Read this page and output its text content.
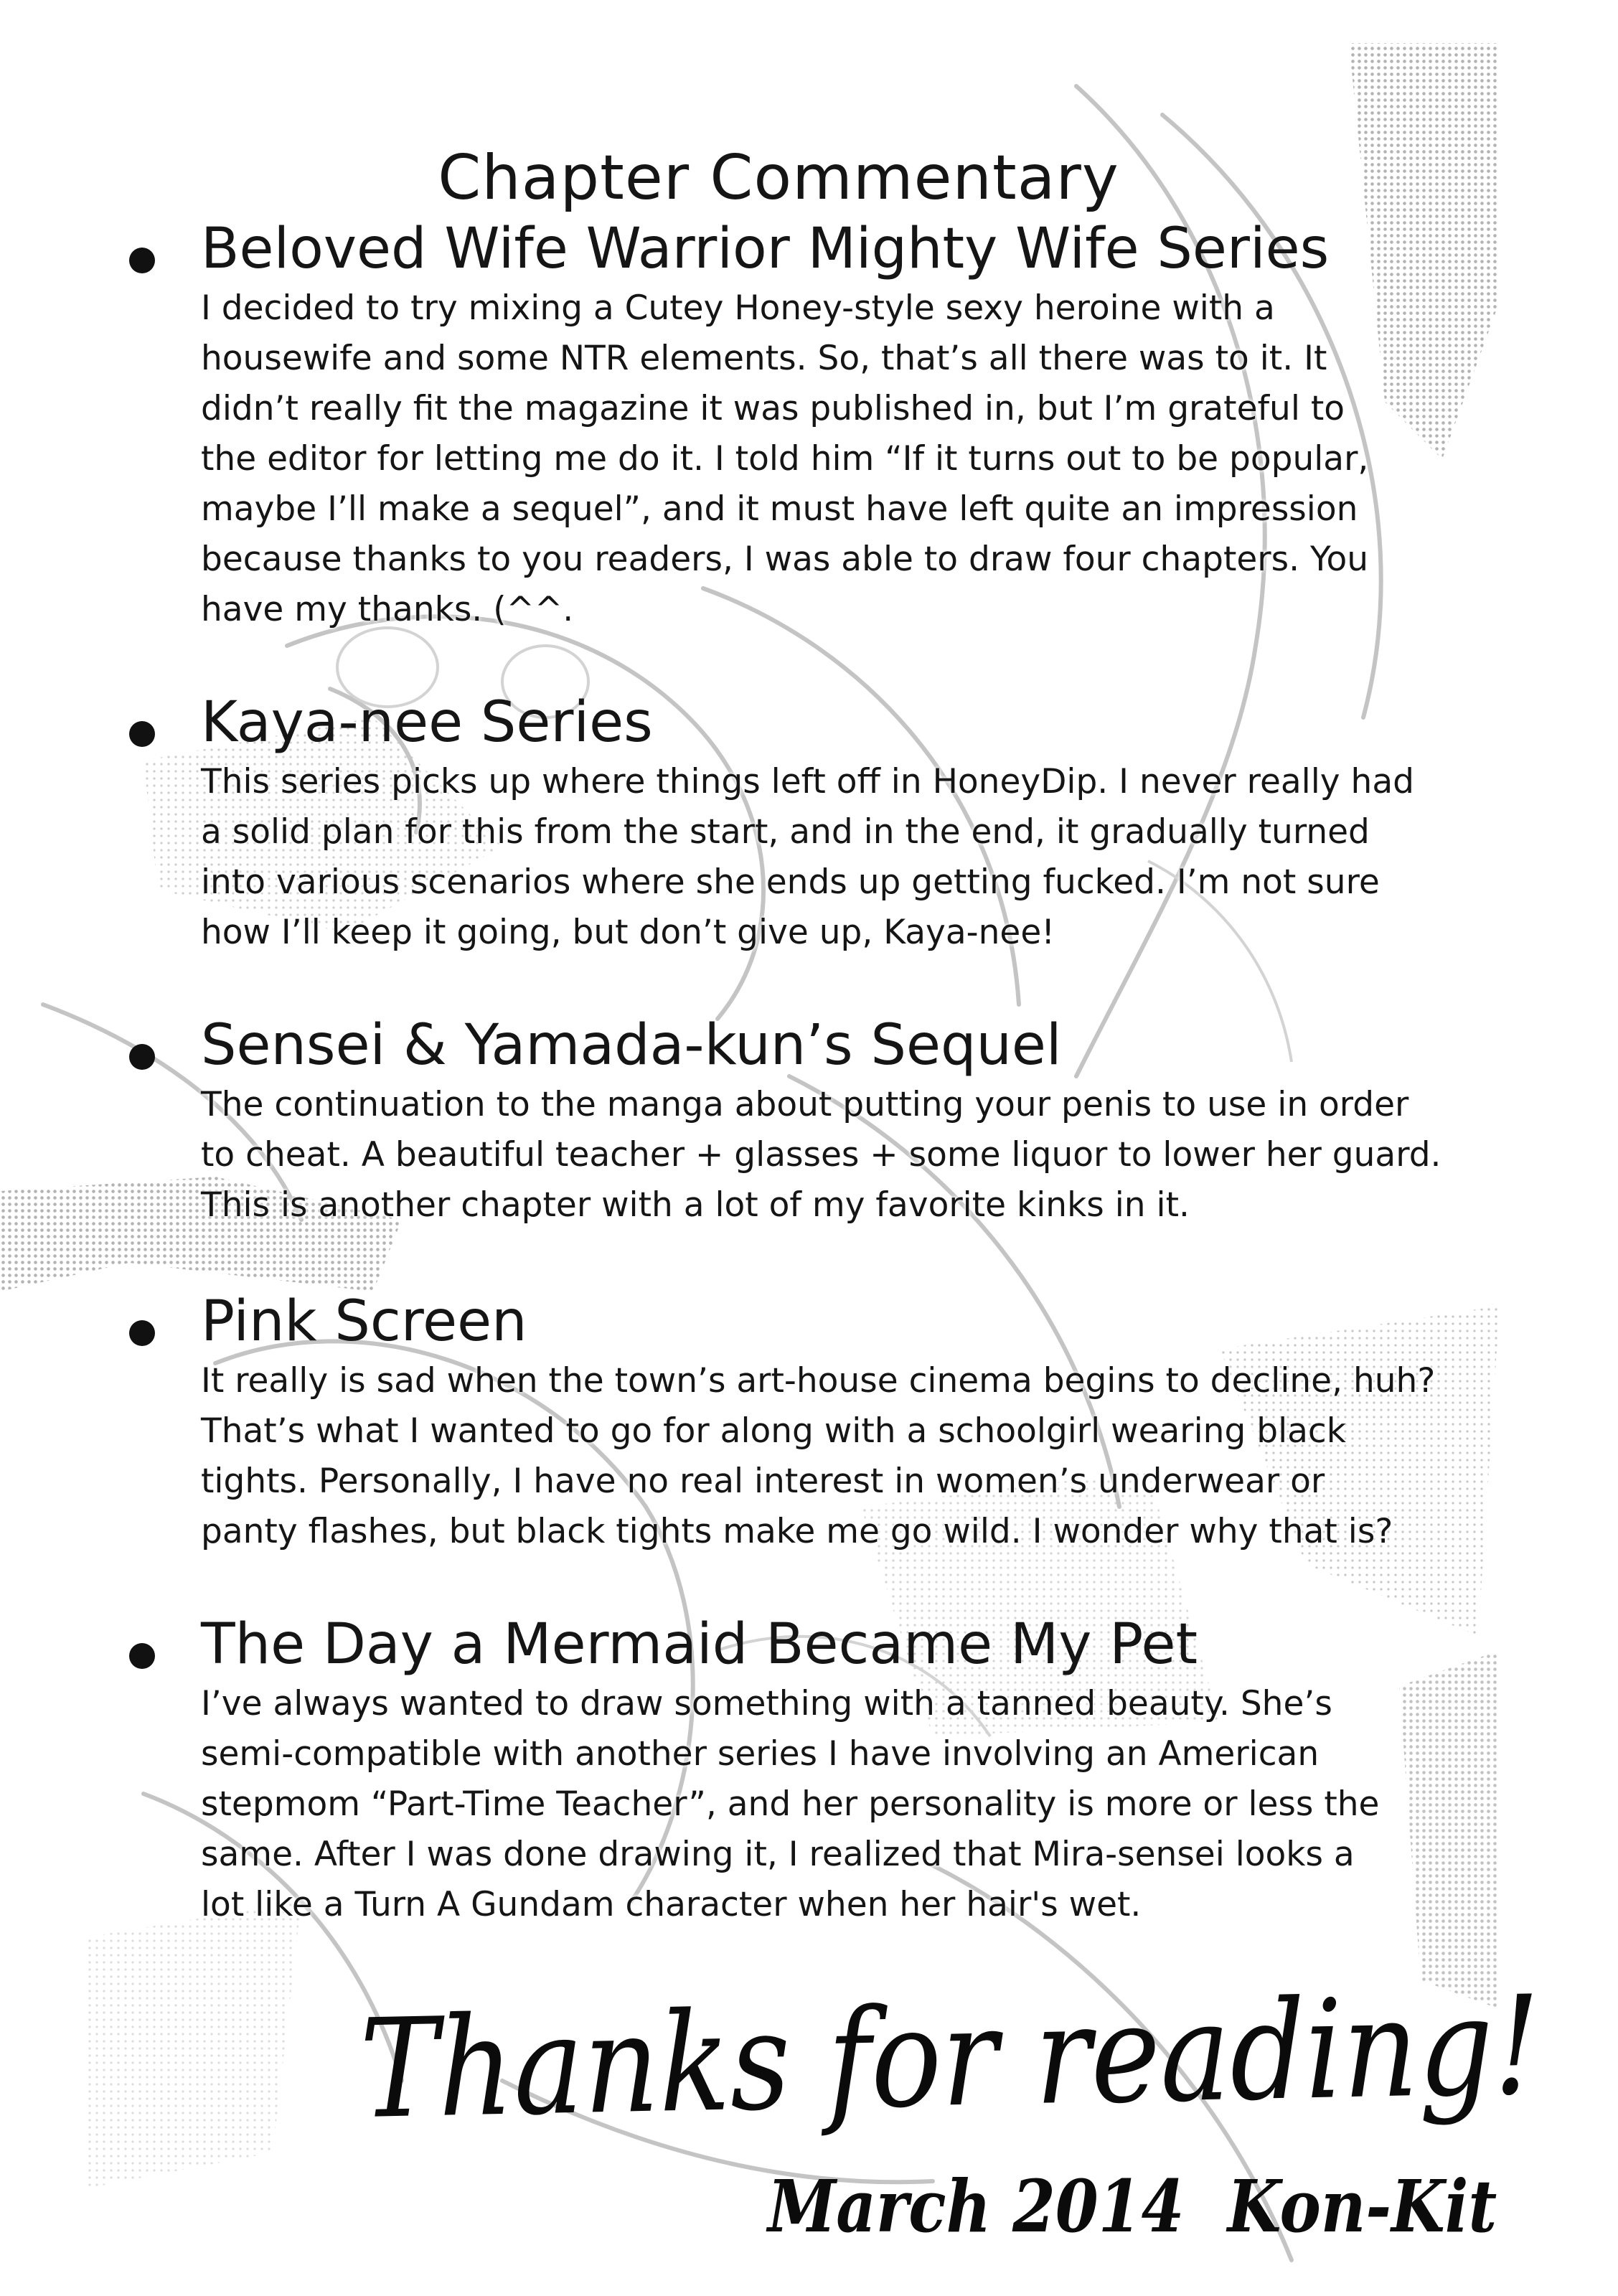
Chapter Commentary
Beloved Wife Warrior Mighty Wife Series
I decided to try mixing a Cutey Honey-style sexy heroine with a
housewife and some NTR elements. So, that’s all there was to it. It
didn’t really fit the magazine it was published in, but I’m grateful to
the editor for letting me do it. I told him “If it turns out to be popular,
maybe I’ll make a sequel”, and it must have left quite an impression
because thanks to you readers, I was able to draw four chapters. You
have my thanks. (^^.
Kaya-nee Series
This series picks up where things left off in HoneyDip. I never really had
a solid plan for this from the start, and in the end, it gradually turned
into various scenarios where she ends up getting fucked. I’m not sure
how I’ll keep it going, but don’t give up, Kaya-nee!
Sensei & Yamada-kun’s Sequel
The continuation to the manga about putting your penis to use in order
to cheat. A beautiful teacher + glasses + some liquor to lower her guard.
This is another chapter with a lot of my favorite kinks in it.
Pink Screen
It really is sad when the town’s art-house cinema begins to decline, huh?
That’s what I wanted to go for along with a schoolgirl wearing black
tights. Personally, I have no real interest in women’s underwear or
panty flashes, but black tights make me go wild. I wonder why that is?
The Day a Mermaid Became My Pet
I’ve always wanted to draw something with a tanned beauty. She’s
semi-compatible with another series I have involving an American
stepmom “Part-Time Teacher”, and her personality is more or less the
same. After I was done drawing it, I realized that Mira-sensei looks a
lot like a Turn A Gundam character when her hair's wet.
Thanks for reading!
March 2014 Kon-Kit
